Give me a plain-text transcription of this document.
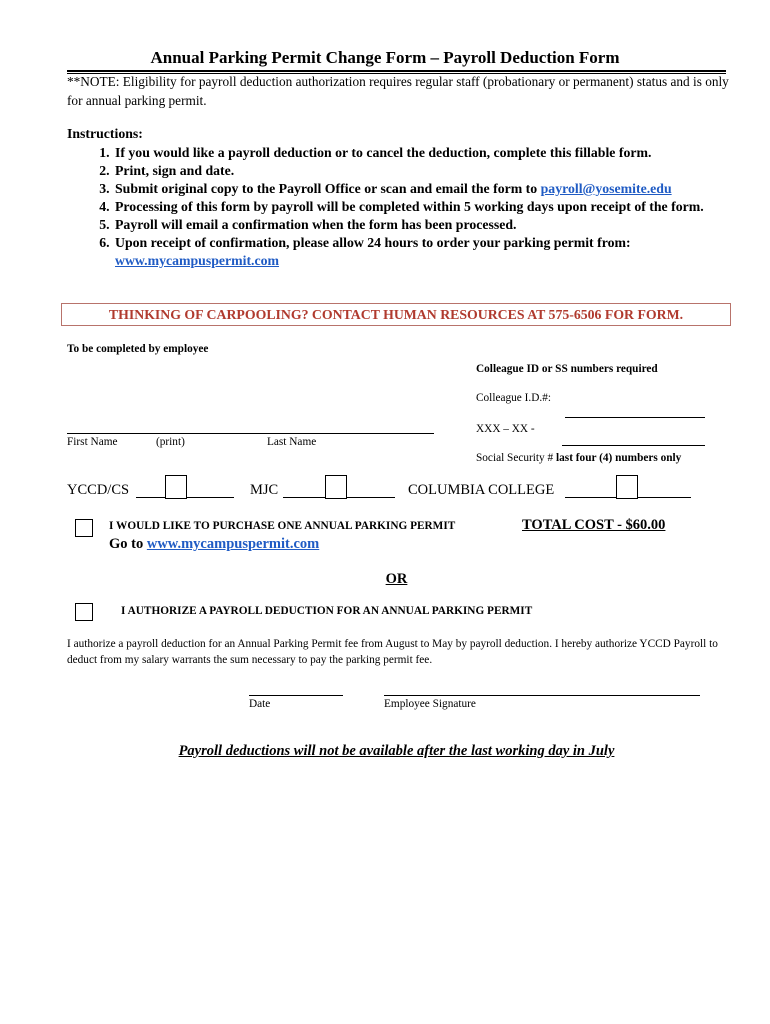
Annual Parking Permit Change Form – Payroll Deduction Form
**NOTE: Eligibility for payroll deduction authorization requires regular staff (probationary or permanent) status and is only for annual parking permit.
Instructions:
1. If you would like a payroll deduction or to cancel the deduction, complete this fillable form.
2. Print, sign and date.
3. Submit original copy to the Payroll Office or scan and email the form to payroll@yosemite.edu
4. Processing of this form by payroll will be completed within 5 working days upon receipt of the form.
5. Payroll will email a confirmation when the form has been processed.
6. Upon receipt of confirmation, please allow 24 hours to order your parking permit from:
www.mycampuspermit.com
THINKING OF CARPOOLING? CONTACT HUMAN RESOURCES AT 575-6506 FOR FORM.
To be completed by employee
Colleague ID or SS numbers required
Colleague I.D.#:
XXX – XX -
Social Security # last four (4) numbers only
First Name	(print)	Last Name
YCCD/CS	MJC	COLUMBIA COLLEGE
I WOULD LIKE TO PURCHASE ONE ANNUAL PARKING PERMIT	TOTAL COST - $60.00
Go to www.mycampuspermit.com
OR
I AUTHORIZE A PAYROLL DEDUCTION FOR AN ANNUAL PARKING PERMIT
I authorize a payroll deduction for an Annual Parking Permit fee from August to May by payroll deduction. I hereby authorize YCCD Payroll to deduct from my salary warrants the sum necessary to pay the parking permit fee.
Date	Employee Signature
Payroll deductions will not be available after the last working day in July
